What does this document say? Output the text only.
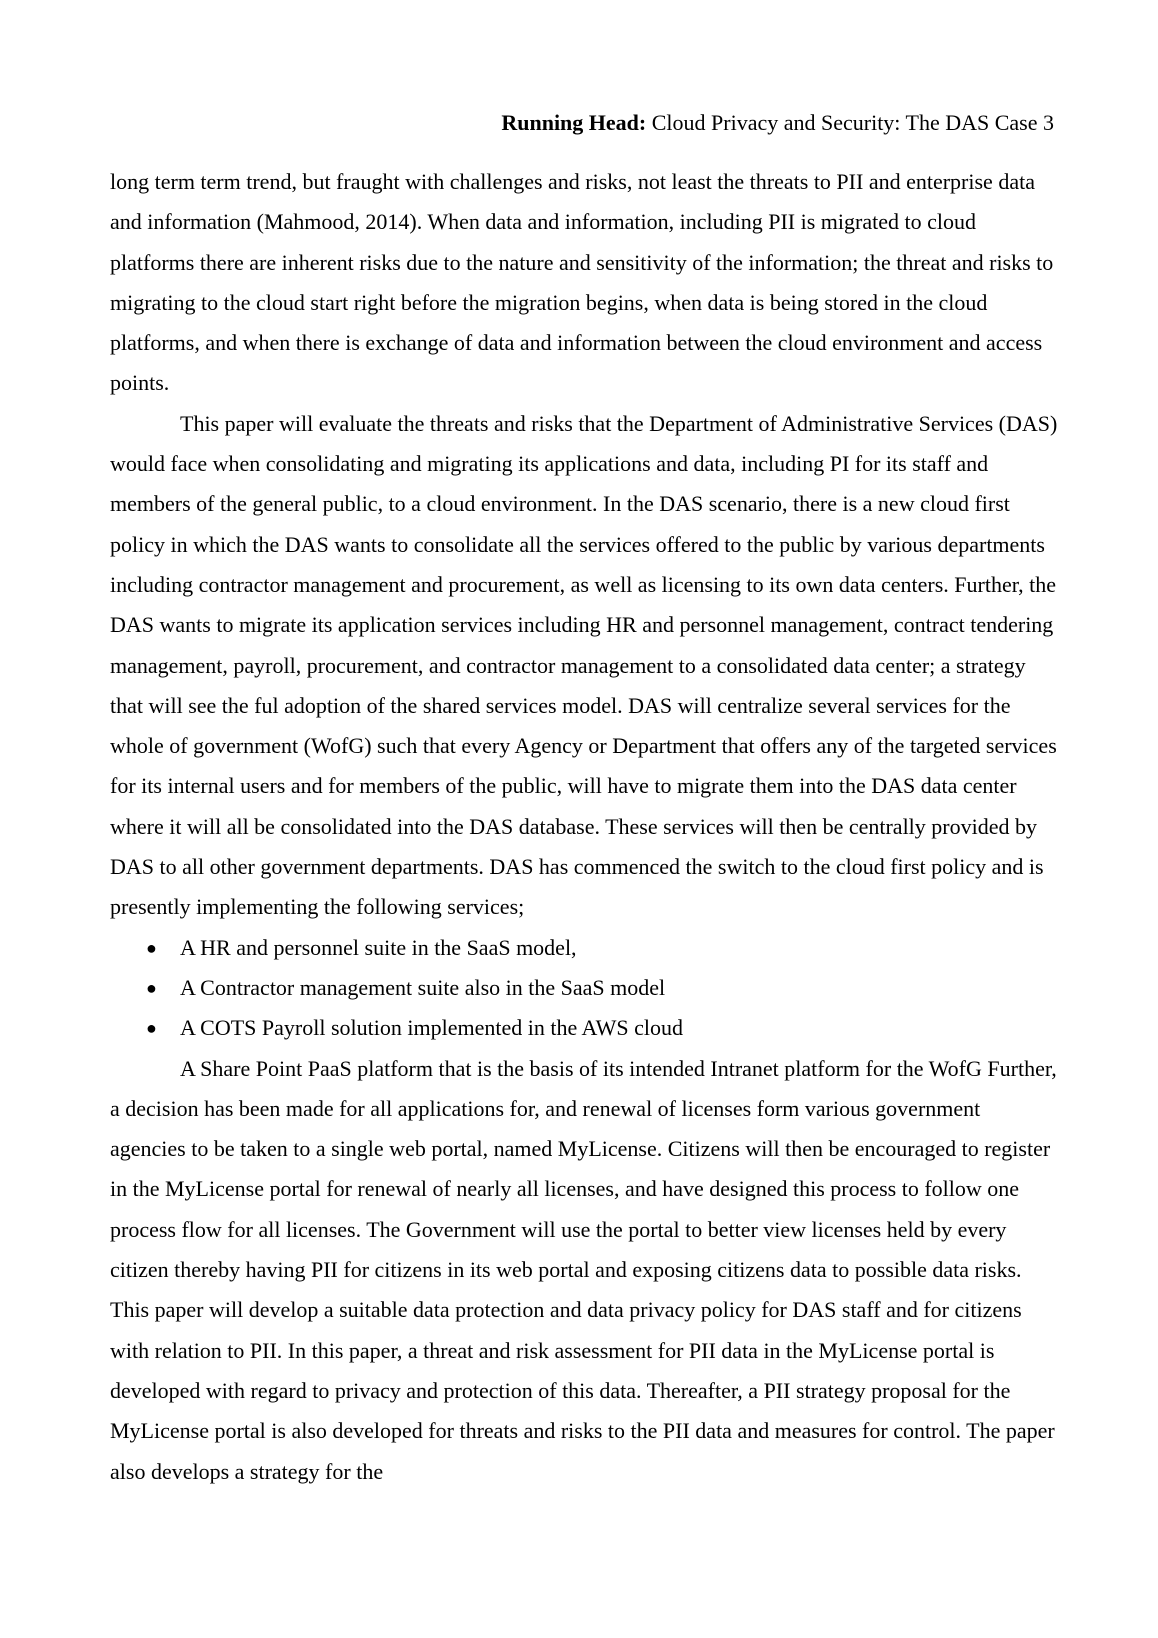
Running Head: Cloud Privacy and Security: The DAS Case 3

long term term trend, but fraught with challenges and risks, not least the threats to PII and enterprise data and information (Mahmood, 2014). When data and information, including PII is migrated to cloud platforms there are inherent risks due to the nature and sensitivity of the information; the threat and risks to migrating to the cloud start right before the migration begins, when data is being stored in the cloud platforms, and when there is exchange of data and information between the cloud environment and access points.

This paper will evaluate the threats and risks that the Department of Administrative Services (DAS) would face when consolidating and migrating its applications and data, including PI for its staff and members of the general public, to a cloud environment. In the DAS scenario, there is a new cloud first policy in which the DAS wants to consolidate all the services offered to the public by various departments including contractor management and procurement, as well as licensing to its own data centers. Further, the DAS wants to migrate its application services including HR and personnel management, contract tendering management, payroll, procurement, and contractor management to a consolidated data center; a strategy that will see the ful adoption of the shared services model. DAS will centralize several services for the whole of government (WofG) such that every Agency or Department that offers any of the targeted services for its internal users and for members of the public, will have to migrate them into the DAS data center where it will all be consolidated into the DAS database. These services will then be centrally provided by DAS to all other government departments. DAS has commenced the switch to the cloud first policy and is presently implementing the following services;

● A HR and personnel suite in the SaaS model,
● A Contractor management suite also in the SaaS model
● A COTS Payroll solution implemented in the AWS cloud

A Share Point PaaS platform that is the basis of its intended Intranet platform for the WofG Further, a decision has been made for all applications for, and renewal of licenses form various government agencies to be taken to a single web portal, named MyLicense. Citizens will then be encouraged to register in the MyLicense portal for renewal of nearly all licenses, and have designed this process to follow one process flow for all licenses. The Government will use the portal to better view licenses held by every citizen thereby having PII for citizens in its web portal and exposing citizens data to possible data risks. This paper will develop a suitable data protection and data privacy policy for DAS staff and for citizens with relation to PII. In this paper, a threat and risk assessment for PII data in the MyLicense portal is developed with regard to privacy and protection of this data. Thereafter, a PII strategy proposal for the MyLicense portal is also developed for threats and risks to the PII data and measures for control. The paper also develops a strategy for the
